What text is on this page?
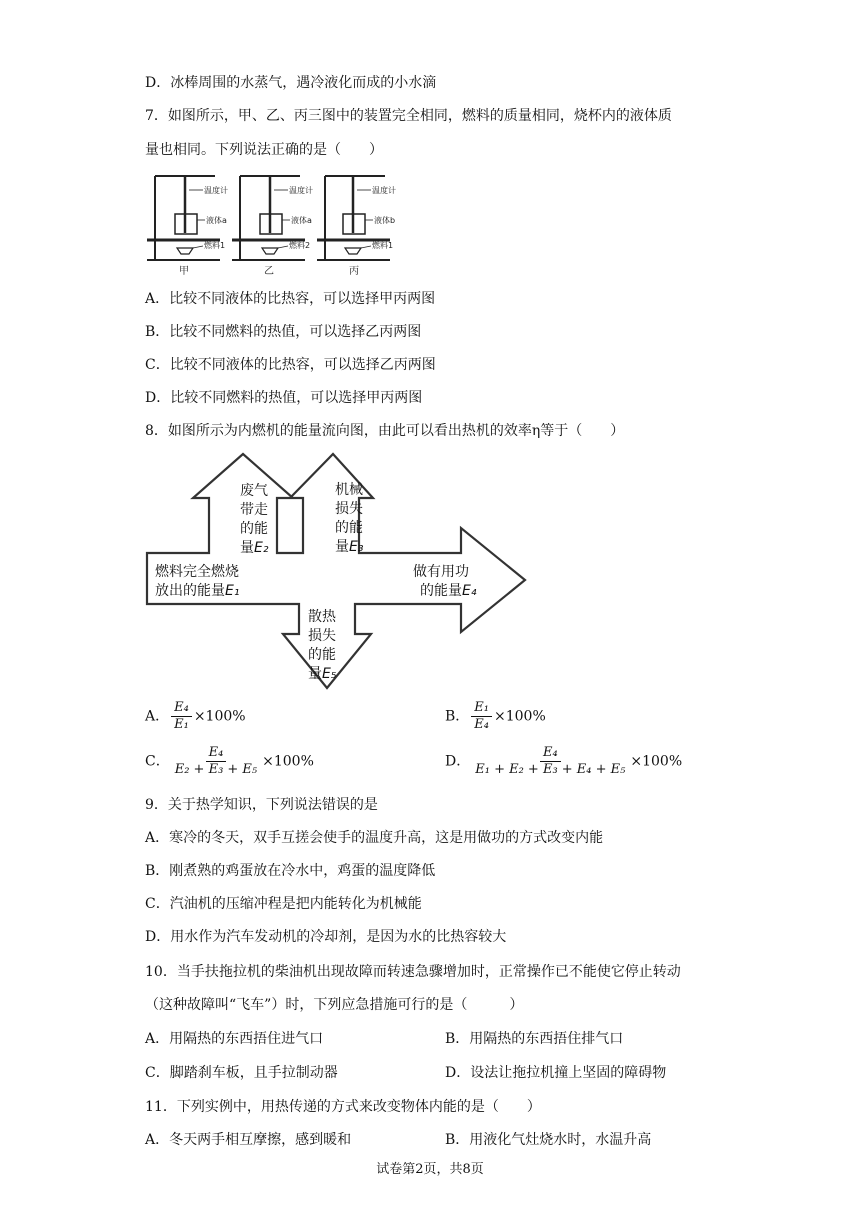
D．冰棒周围的水蒸气，遇冷液化而成的小水滴
7．如图所示，甲、乙、丙三图中的装置完全相同，燃料的质量相同，烧杯内的液体质
量也相同。下列说法正确的是（　　）
温度计
液体a
燃料1
温度计
液体a
燃料2
温度计
液体b
燃料1
甲	乙	丙
A．比较不同液体的比热容，可以选择甲丙两图
B．比较不同燃料的热值，可以选择乙丙两图
C．比较不同液体的比热容，可以选择乙丙两图
D．比较不同燃料的热值，可以选择甲丙两图
8．如图所示为内燃机的能量流向图，由此可以看出热机的效率η等于（　　）
废气
带走
的能
量E₂
机械
损失
的能
量E₃
燃料完全燃烧
放出的能量E₁
做有用功
的能量E₄
散热
损失
的能
量E₅
A． $\frac{\text{E₄}}{\text{E₁}} \times 100\%$	B． $\frac{\text{E₁}}{\text{E₄}} \times 100\%$
C． $\frac{\text{E₄}}{\text{E₂ + E₃ + E₅}} \times 100\%$	D． $\frac{\text{E₄}}{\text{E₁ + E₂ + E₃ + E₄ + E₅}} \times 100\%$
9．关于热学知识，下列说法错误的是
A．寒冷的冬天，双手互搓会使手的温度升高，这是用做功的方式改变内能
B．刚煮熟的鸡蛋放在冷水中，鸡蛋的温度降低
C．汽油机的压缩冲程是把内能转化为机械能
D．用水作为汽车发动机的冷却剂，是因为水的比热容较大
10．当手扶拖拉机的柴油机出现故障而转速急骤增加时，正常操作已不能使它停止转动
（这种故障叫“飞车”）时，下列应急措施可行的是（　　　）
A．用隔热的东西捂住进气口	B．用隔热的东西捂住排气口
C．脚踏刹车板，且手拉制动器	D．设法让拖拉机撞上坚固的障碍物
11．下列实例中，用热传递的方式来改变物体内能的是（　　）
A．冬天两手相互摩擦，感到暖和	B．用液化气灶烧水时，水温升高
试卷第2页，共8页
